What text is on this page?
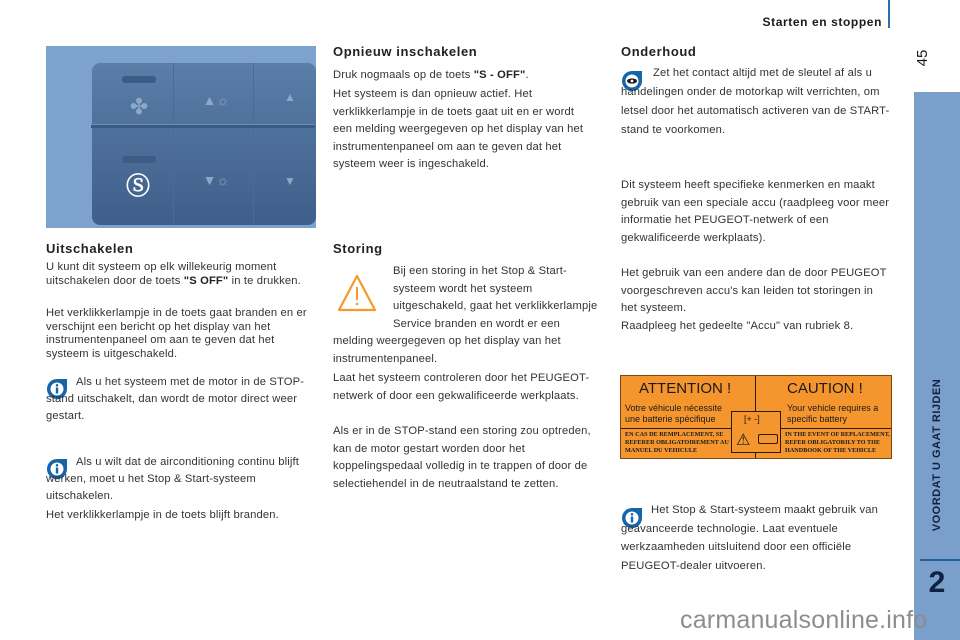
Starten en stoppen
45
VOORDAT U GAAT RIJDEN
2
✤	▲☼	▲
Ⓢ	▼☼	▼
Uitschakelen
U kunt dit systeem op elk willekeurig moment uitschakelen door de toets "S OFF" in te drukken.
Het verklikkerlampje in de toets gaat branden en er verschijnt een bericht op het display van het instrumentenpaneel om aan te geven dat het systeem is uitgeschakeld.
Als u het systeem met de motor in de STOP-stand uitschakelt, dan wordt de motor direct weer gestart.
Als u wilt dat de airconditioning continu blijft werken, moet u het Stop & Start-systeem uitschakelen.
Het verklikkerlampje in de toets blijft branden.
Opnieuw inschakelen
Druk nogmaals op de toets "S - OFF".
Het systeem is dan opnieuw actief. Het verklikkerlampje in de toets gaat uit en er wordt een melding weergegeven op het display van het instrumentenpaneel om aan te geven dat het systeem weer is ingeschakeld.
Storing
Bij een storing in het Stop & Start-systeem wordt het systeem uitgeschakeld, gaat het verklikkerlampje Service branden en wordt er een melding weergegeven op het display van het instrumentenpaneel.
Laat het systeem controleren door het PEUGEOT-netwerk of door een gekwalificeerde werkplaats.
Als er in de STOP-stand een storing zou optreden, kan de motor gestart worden door het koppelingspedaal volledig in te trappen of door de selectiehendel in de neutraalstand te zetten.
Onderhoud
Zet het contact altijd met de sleutel af als u handelingen onder de motorkap wilt verrichten, om letsel door het automatisch activeren van de START-stand te voorkomen.
Dit systeem heeft specifieke kenmerken en maakt gebruik van een speciale accu (raadpleeg voor meer informatie het PEUGEOT-netwerk of een gekwalificeerde werkplaats).
Het gebruik van een andere dan de door PEUGEOT voorgeschreven accu's kan leiden tot storingen in het systeem.
Raadpleeg het gedeelte "Accu" van rubriek 8.
ATTENTION !
Votre véhicule nécessite une batterie spécifique
EN CAS DE REMPLACEMENT, SE REFERER OBLIGATOIREMENT AU MANUEL DU VEHICULE
CAUTION !
Your vehicle requires a specific battery
IN THE EVENT OF REPLACEMENT, REFER OBLIGATORILY TO THE HANDBOOK OF THE VEHICLE
[+ -]
⚠
Het Stop & Start-systeem maakt gebruik van geavanceerde technologie. Laat eventuele werkzaamheden uitsluitend door een officiële PEUGEOT-dealer uitvoeren.
carmanualsonline.info
